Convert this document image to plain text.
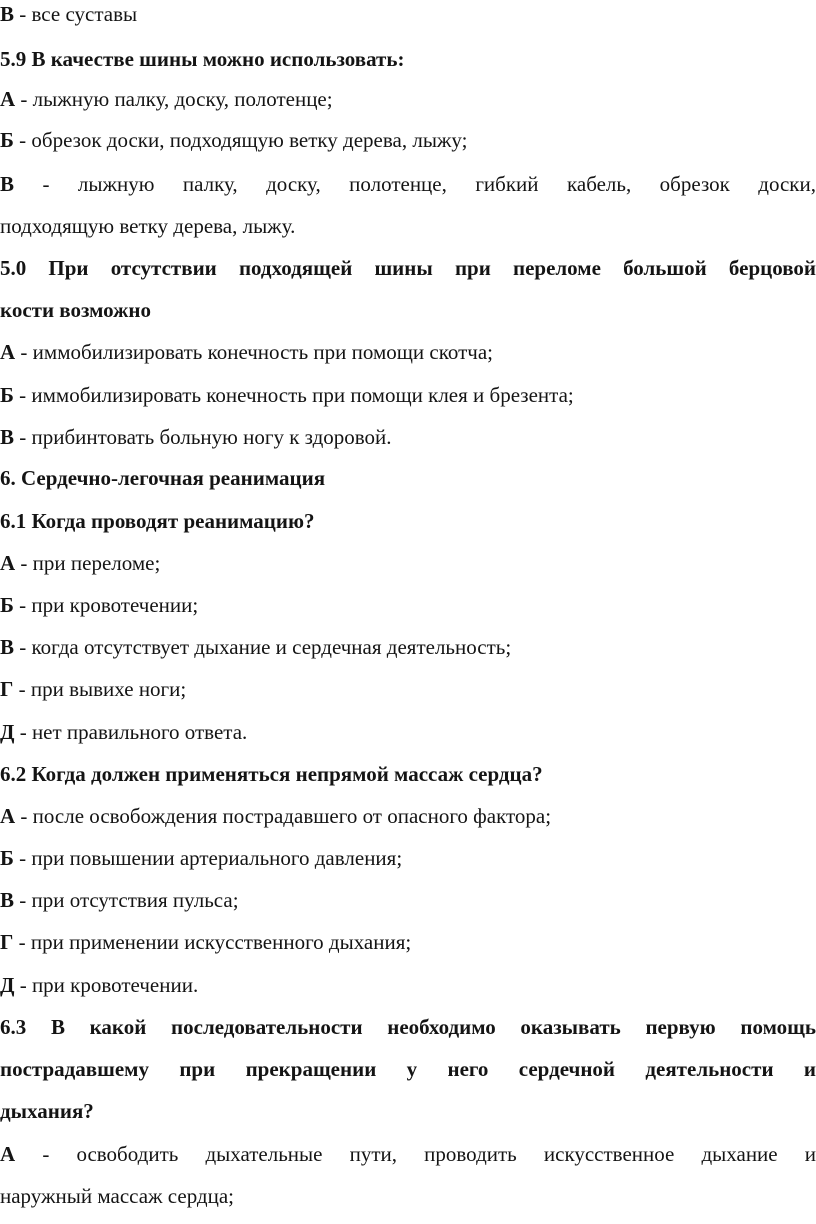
В - все суставы
5.9 В качестве шины можно использовать:
А - лыжную палку, доску, полотенце;
Б - обрезок доски, подходящую ветку дерева, лыжу;
В - лыжную палку, доску, полотенце, гибкий кабель, обрезок доски,
подходящую ветку дерева, лыжу.
5.0 При отсутствии подходящей шины при переломе большой берцовой
кости возможно
А - иммобилизировать конечность при помощи скотча;
Б - иммобилизировать конечность при помощи клея и брезента;
В - прибинтовать больную ногу к здоровой.
6. Сердечно-легочная реанимация
6.1 Когда проводят реанимацию?
А - при переломе;
Б - при кровотечении;
В - когда отсутствует дыхание и сердечная деятельность;
Г - при вывихе ноги;
Д - нет правильного ответа.
6.2 Когда должен применяться непрямой массаж сердца?
А - после освобождения пострадавшего от опасного фактора;
Б - при повышении артериального давления;
В - при отсутствия пульса;
Г - при применении искусственного дыхания;
Д - при кровотечении.
6.3 В какой последовательности необходимо оказывать первую помощь
пострадавшему при прекращении у него сердечной деятельности и
дыхания?
А - освободить дыхательные пути, проводить искусственное дыхание и
наружный массаж сердца;
